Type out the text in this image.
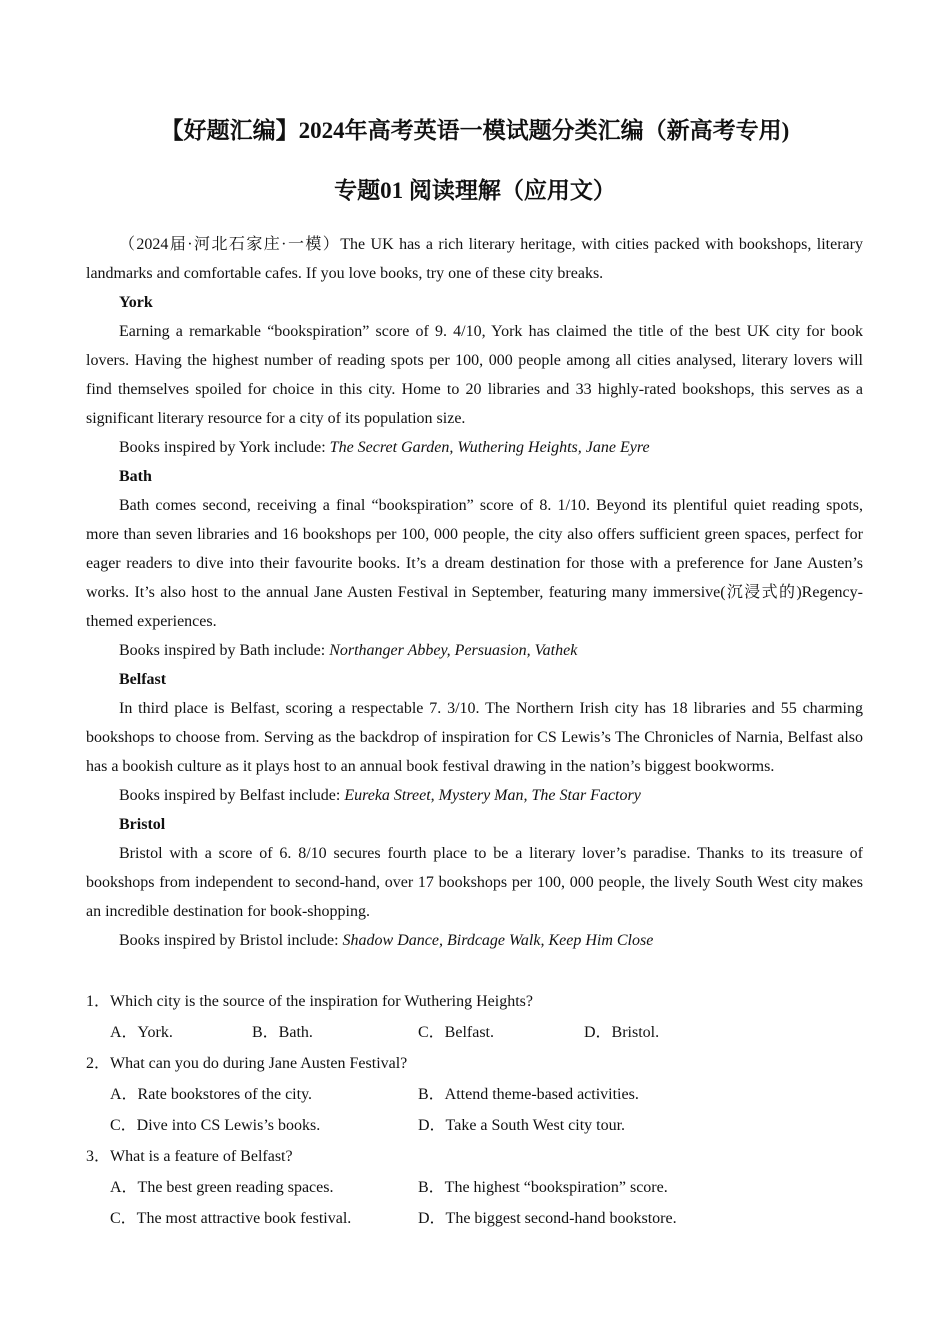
【好题汇编】2024年高考英语一模试题分类汇编（新高考专用)
专题01 阅读理解（应用文）

（2024届·河北石家庄·一模）The UK has a rich literary heritage, with cities packed with bookshops, literary landmarks and comfortable cafes. If you love books, try one of these city breaks.

York

Earning a remarkable “bookspiration” score of 9. 4/10, York has claimed the title of the best UK city for book lovers. Having the highest number of reading spots per 100, 000 people among all cities analysed, literary lovers will find themselves spoiled for choice in this city. Home to 20 libraries and 33 highly-rated bookshops, this serves as a significant literary resource for a city of its population size.

Books inspired by York include: The Secret Garden, Wuthering Heights, Jane Eyre

Bath

Bath comes second, receiving a final “bookspiration” score of 8. 1/10. Beyond its plentiful quiet reading spots, more than seven libraries and 16 bookshops per 100, 000 people, the city also offers sufficient green spaces, perfect for eager readers to dive into their favourite books. It’s a dream destination for those with a preference for Jane Austen’s works. It’s also host to the annual Jane Austen Festival in September, featuring many immersive(沉浸式的)Regency-themed experiences.

Books inspired by Bath include: Northanger Abbey, Persuasion, Vathek

Belfast

In third place is Belfast, scoring a respectable 7. 3/10. The Northern Irish city has 18 libraries and 55 charming bookshops to choose from. Serving as the backdrop of inspiration for CS Lewis’s The Chronicles of Narnia, Belfast also has a bookish culture as it plays host to an annual book festival drawing in the nation’s biggest bookworms.

Books inspired by Belfast include: Eureka Street, Mystery Man, The Star Factory

Bristol

Bristol with a score of 6. 8/10 secures fourth place to be a literary lover’s paradise. Thanks to its treasure of bookshops from independent to second-hand, over 17 bookshops per 100, 000 people, the lively South West city makes an incredible destination for book-shopping.

Books inspired by Bristol include: Shadow Dance, Birdcage Walk, Keep Him Close

1．Which city is the source of the inspiration for Wuthering Heights?

A．York.	B．Bath.	C．Belfast.	D．Bristol.

2．What can you do during Jane Austen Festival?

A．Rate bookstores of the city.	B．Attend theme-based activities.
C．Dive into CS Lewis’s books.	D．Take a South West city tour.

3．What is a feature of Belfast?

A．The best green reading spaces.	B．The highest “bookspiration” score.
C．The most attractive book festival.	D．The biggest second-hand bookstore.
